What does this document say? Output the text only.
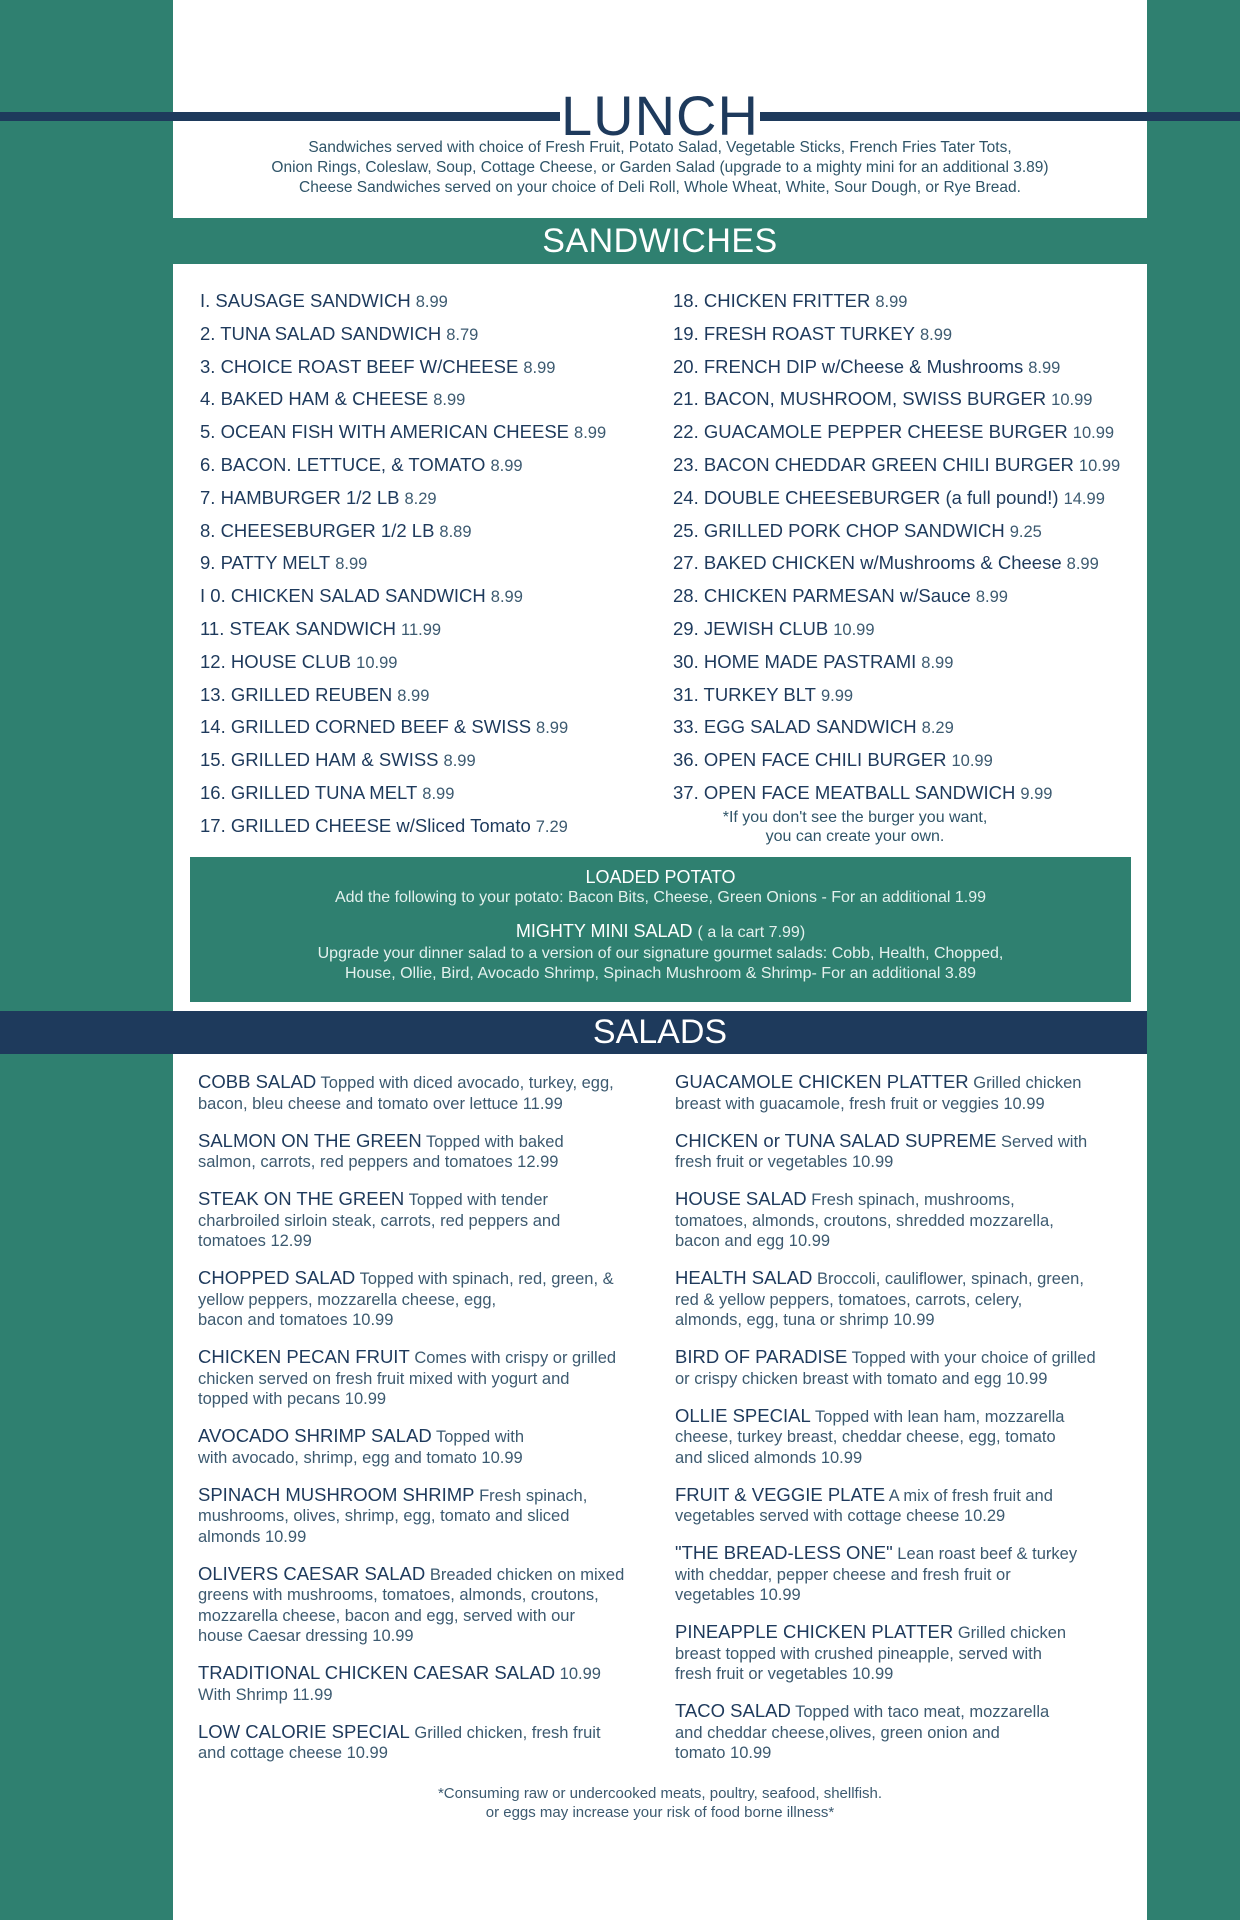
LUNCH
Sandwiches served with choice of Fresh Fruit, Potato Salad, Vegetable Sticks, French Fries Tater Tots,
Onion Rings, Coleslaw, Soup, Cottage Cheese, or Garden Salad (upgrade to a mighty mini for an additional 3.89)
Cheese Sandwiches served on your choice of Deli Roll, Whole Wheat, White, Sour Dough, or Rye Bread.
SANDWICHES
I. SAUSAGE SANDWICH 8.99
2. TUNA SALAD SANDWICH 8.79
3. CHOICE ROAST BEEF W/CHEESE 8.99
4. BAKED HAM & CHEESE 8.99
5. OCEAN FISH WITH AMERICAN CHEESE 8.99
6. BACON. LETTUCE, & TOMATO 8.99
7. HAMBURGER 1/2 LB 8.29
8. CHEESEBURGER 1/2 LB 8.89
9. PATTY MELT 8.99
I 0. CHICKEN SALAD SANDWICH 8.99
11. STEAK SANDWICH 11.99
12. HOUSE CLUB 10.99
13. GRILLED REUBEN 8.99
14. GRILLED CORNED BEEF & SWISS 8.99
15. GRILLED HAM & SWISS 8.99
16. GRILLED TUNA MELT 8.99
17. GRILLED CHEESE w/Sliced Tomato 7.29
18. CHICKEN FRITTER 8.99
19. FRESH ROAST TURKEY 8.99
20. FRENCH DIP w/Cheese & Mushrooms 8.99
21. BACON, MUSHROOM, SWISS BURGER 10.99
22. GUACAMOLE PEPPER CHEESE BURGER 10.99
23. BACON CHEDDAR GREEN CHILI BURGER 10.99
24. DOUBLE CHEESEBURGER (a full pound!) 14.99
25. GRILLED PORK CHOP SANDWICH 9.25
27. BAKED CHICKEN w/Mushrooms & Cheese 8.99
28. CHICKEN PARMESAN w/Sauce 8.99
29. JEWISH CLUB 10.99
30. HOME MADE PASTRAMI 8.99
31. TURKEY BLT 9.99
33. EGG SALAD SANDWICH 8.29
36. OPEN FACE CHILI BURGER 10.99
37. OPEN FACE MEATBALL SANDWICH 9.99
*If you don't see the burger you want,
you can create your own.
LOADED POTATO
Add the following to your potato: Bacon Bits, Cheese, Green Onions - For an additional 1.99
MIGHTY MINI SALAD ( a la cart 7.99)
Upgrade your dinner salad to a version of our signature gourmet salads: Cobb, Health, Chopped,
House, Ollie, Bird, Avocado Shrimp, Spinach Mushroom & Shrimp- For an additional 3.89
SALADS
COBB SALAD Topped with diced avocado, turkey, egg,
bacon, bleu cheese and tomato over lettuce 11.99
SALMON ON THE GREEN Topped with baked
salmon, carrots, red peppers and tomatoes 12.99
STEAK ON THE GREEN Topped with tender
charbroiled sirloin steak, carrots, red peppers and
tomatoes 12.99
CHOPPED SALAD Topped with spinach, red, green, &
yellow peppers, mozzarella cheese, egg,
bacon and tomatoes 10.99
CHICKEN PECAN FRUIT Comes with crispy or grilled
chicken served on fresh fruit mixed with yogurt and
topped with pecans 10.99
AVOCADO SHRIMP SALAD Topped with
with avocado, shrimp, egg and tomato 10.99
SPINACH MUSHROOM SHRIMP Fresh spinach,
mushrooms, olives, shrimp, egg, tomato and sliced
almonds 10.99
OLIVERS CAESAR SALAD Breaded chicken on mixed
greens with mushrooms, tomatoes, almonds, croutons,
mozzarella cheese, bacon and egg, served with our
house Caesar dressing 10.99
TRADITIONAL CHICKEN CAESAR SALAD 10.99
With Shrimp 11.99
LOW CALORIE SPECIAL Grilled chicken, fresh fruit
and cottage cheese 10.99
GUACAMOLE CHICKEN PLATTER Grilled chicken
breast with guacamole, fresh fruit or veggies 10.99
CHICKEN or TUNA SALAD SUPREME Served with
fresh fruit or vegetables 10.99
HOUSE SALAD Fresh spinach, mushrooms,
tomatoes, almonds, croutons, shredded mozzarella,
bacon and egg 10.99
HEALTH SALAD Broccoli, cauliflower, spinach, green,
red & yellow peppers, tomatoes, carrots, celery,
almonds, egg, tuna or shrimp 10.99
BIRD OF PARADISE Topped with your choice of grilled
or crispy chicken breast with tomato and egg 10.99
OLLIE SPECIAL Topped with lean ham, mozzarella
cheese, turkey breast, cheddar cheese, egg, tomato
and sliced almonds 10.99
FRUIT & VEGGIE PLATE A mix of fresh fruit and
vegetables served with cottage cheese 10.29
"THE BREAD-LESS ONE" Lean roast beef & turkey
with cheddar, pepper cheese and fresh fruit or
vegetables 10.99
PINEAPPLE CHICKEN PLATTER Grilled chicken
breast topped with crushed pineapple, served with
fresh fruit or vegetables 10.99
TACO SALAD Topped with taco meat, mozzarella
and cheddar cheese,olives, green onion and
tomato 10.99
*Consuming raw or undercooked meats, poultry, seafood, shellfish.
or eggs may increase your risk of food borne illness*
